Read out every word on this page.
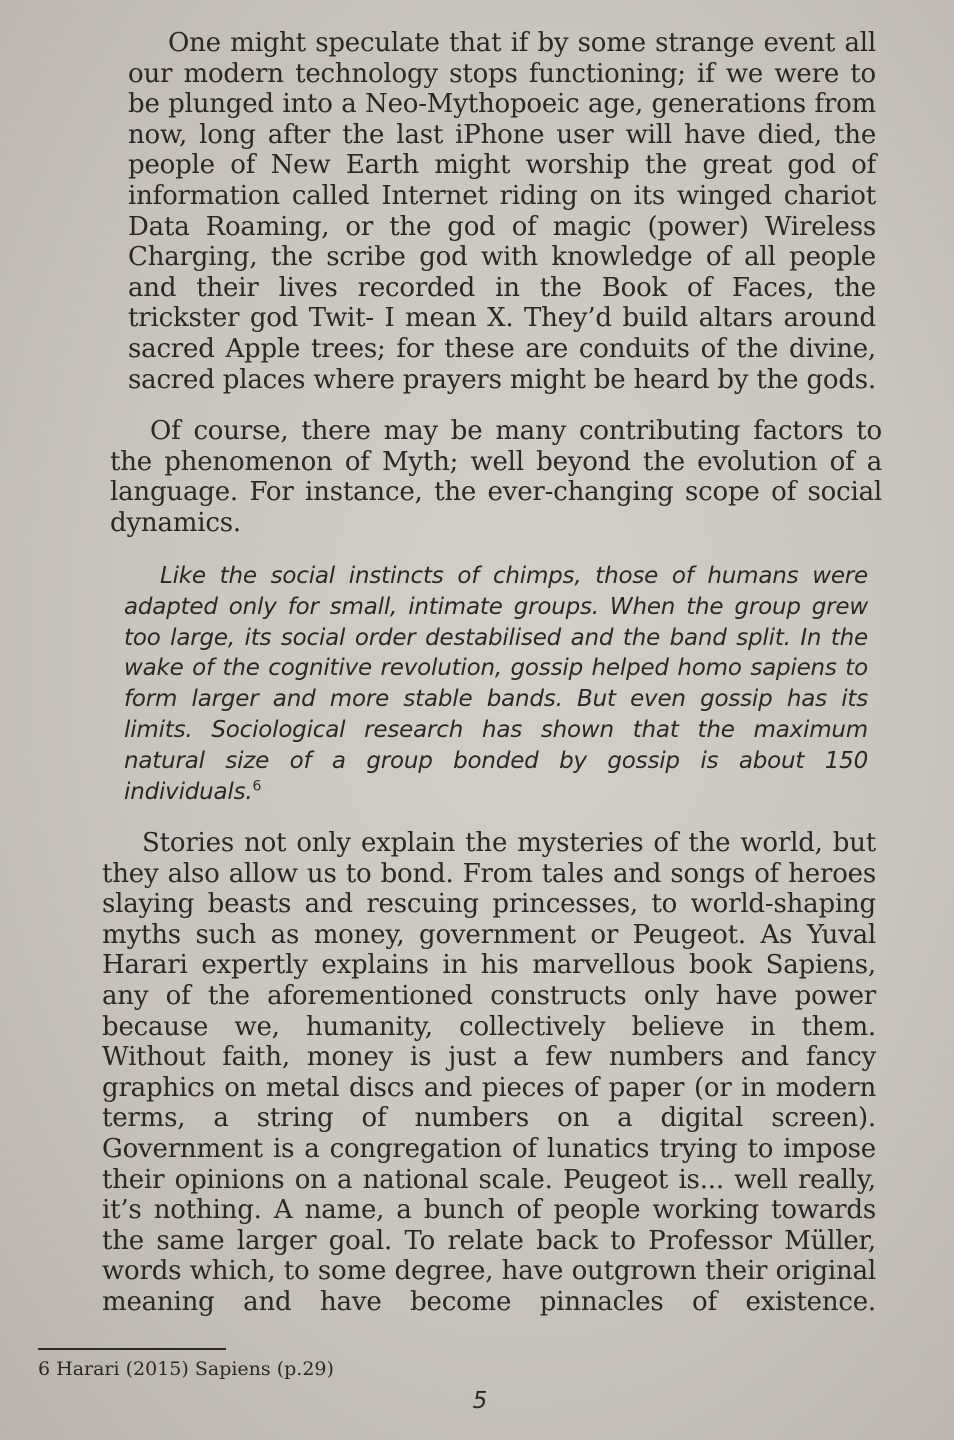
One might speculate that if by some strange event all our modern technology stops functioning; if we were to be plunged into a Neo-Mythopoeic age, generations from now, long after the last iPhone user will have died, the people of New Earth might worship the great god of information called Internet riding on its winged chariot Data Roaming, or the god of magic (power) Wireless Charging, the scribe god with knowledge of all people and their lives recorded in the Book of Faces, the trickster god Twit- I mean X. They’d build altars around sacred Apple trees; for these are conduits of the divine, sacred places where prayers might be heard by the gods.

Of course, there may be many contributing factors to the phenomenon of Myth; well beyond the evolution of a language. For instance, the ever-changing scope of social dynamics.

Like the social instincts of chimps, those of humans were adapted only for small, intimate groups. When the group grew too large, its social order destabilised and the band split. In the wake of the cognitive revolution, gossip helped homo sapiens to form larger and more stable bands. But even gossip has its limits. Sociological research has shown that the maximum natural size of a group bonded by gossip is about 150 individuals.$^6$

Stories not only explain the mysteries of the world, but they also allow us to bond. From tales and songs of heroes slaying beasts and rescuing princesses, to world-shaping myths such as money, government or Peugeot. As Yuval Harari expertly explains in his marvellous book Sapiens, any of the aforementioned constructs only have power because we, humanity, collectively believe in them. Without faith, money is just a few numbers and fancy graphics on metal discs and pieces of paper (or in modern terms, a string of numbers on a digital screen). Government is a congregation of lunatics trying to impose their opinions on a national scale. Peugeot is... well really, it’s nothing. A name, a bunch of people working towards the same larger goal. To relate back to Professor Müller, words which, to some degree, have outgrown their original meaning and have become pinnacles of existence.

6 Harari (2015) Sapiens (p.29)

5
